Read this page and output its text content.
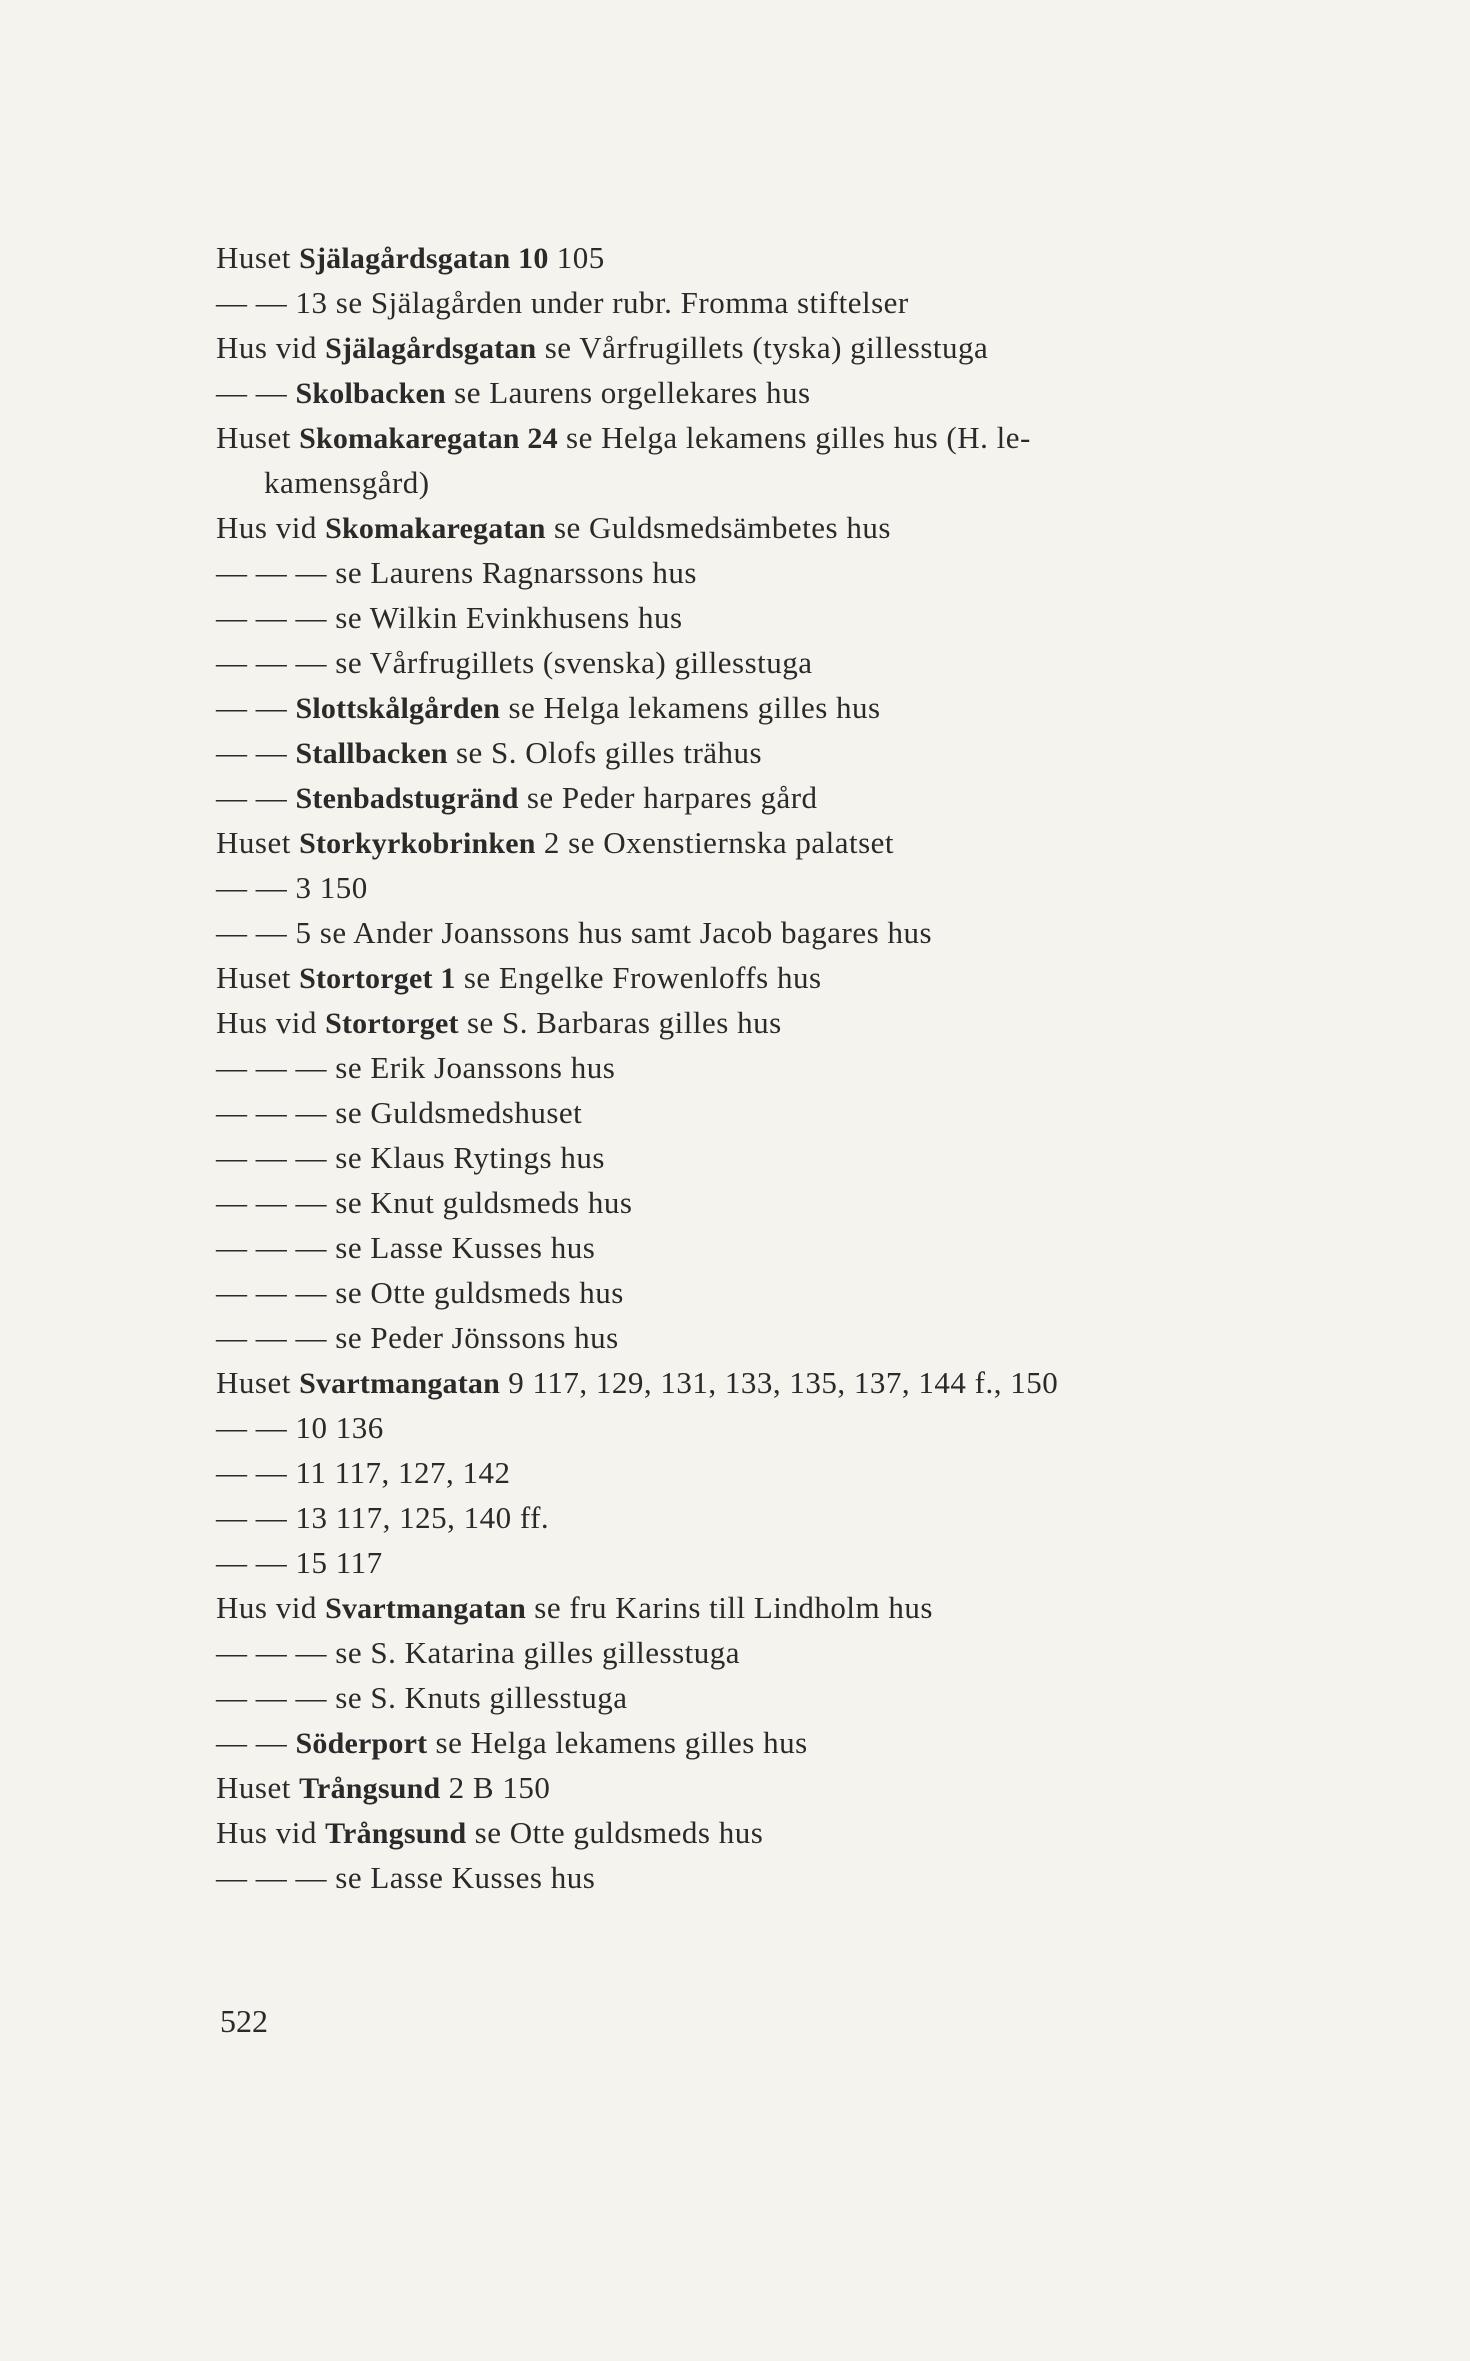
Huset Själagårdsgatan 10 105
— — 13 se Själagården under rubr. Fromma stiftelser
Hus vid Själagårdsgatan se Vårfrugillets (tyska) gillesstuga
— — Skolbacken se Laurens orgellekares hus
Huset Skomakaregatan 24 se Helga lekamens gilles hus (H. le-
kamensgård)
Hus vid Skomakaregatan se Guldsmedsämbetes hus
— — — se Laurens Ragnarssons hus
— — — se Wilkin Evinkhusens hus
— — — se Vårfrugillets (svenska) gillesstuga
— — Slottskålgården se Helga lekamens gilles hus
— — Stallbacken se S. Olofs gilles trähus
— — Stenbadstugränd se Peder harpares gård
Huset Storkyrkobrinken 2 se Oxenstiernska palatset
— — 3 150
— — 5 se Ander Joanssons hus samt Jacob bagares hus
Huset Stortorget 1 se Engelke Frowenloffs hus
Hus vid Stortorget se S. Barbaras gilles hus
— — — se Erik Joanssons hus
— — — se Guldsmedshuset
— — — se Klaus Rytings hus
— — — se Knut guldsmeds hus
— — — se Lasse Kusses hus
— — — se Otte guldsmeds hus
— — — se Peder Jönssons hus
Huset Svartmangatan 9 117, 129, 131, 133, 135, 137, 144 f., 150
— — 10 136
— — 11 117, 127, 142
— — 13 117, 125, 140 ff.
— — 15 117
Hus vid Svartmangatan se fru Karins till Lindholm hus
— — — se S. Katarina gilles gillesstuga
— — — se S. Knuts gillesstuga
— — Söderport se Helga lekamens gilles hus
Huset Trångsund 2 B 150
Hus vid Trångsund se Otte guldsmeds hus
— — — se Lasse Kusses hus
522
